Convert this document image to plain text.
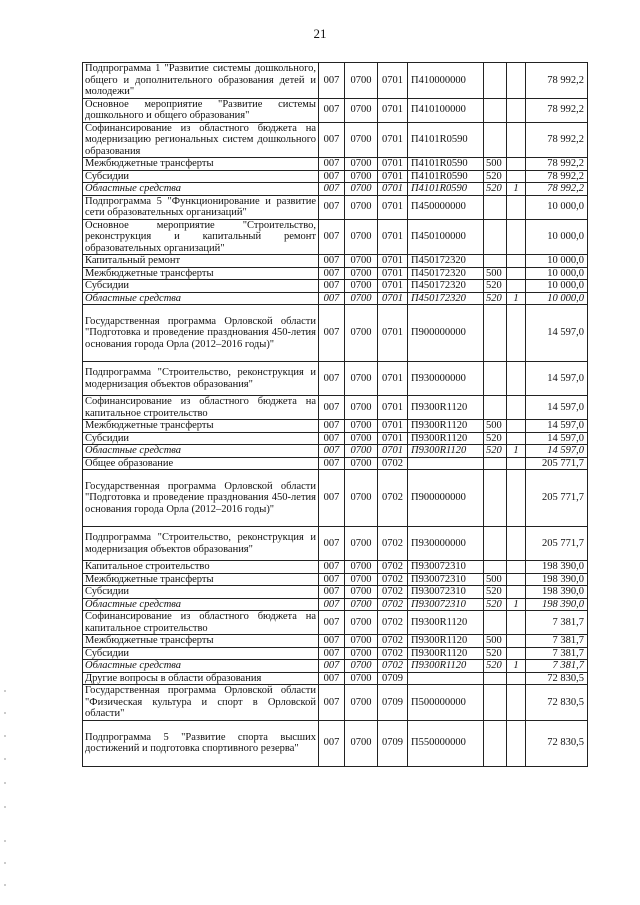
21
Подпрограмма 1 "Развитие системы дошкольного, общего и дополнительного образования детей и молодежи"	007	0700	0701	П410000000			78 992,2
Основное мероприятие "Развитие системы дошкольного и общего образования"	007	0700	0701	П410100000			78 992,2
Софинансирование из областного бюджета на модернизацию региональных систем дошкольного образования	007	0700	0701	П4101R0590			78 992,2
Межбюджетные трансферты	007	0700	0701	П4101R0590	500		78 992,2
Субсидии	007	0700	0701	П4101R0590	520		78 992,2
Областные средства	007	0700	0701	П4101R0590	520	1	78 992,2
Подпрограмма 5 "Функционирование и развитие сети образовательных организаций"	007	0700	0701	П450000000			10 000,0
Основное мероприятие "Строительство, реконструкция и капитальный ремонт образовательных организаций"	007	0700	0701	П450100000			10 000,0
Капитальный ремонт	007	0700	0701	П450172320			10 000,0
Межбюджетные трансферты	007	0700	0701	П450172320	500		10 000,0
Субсидии	007	0700	0701	П450172320	520		10 000,0
Областные средства	007	0700	0701	П450172320	520	1	10 000,0
Государственная программа Орловской области "Подготовка и проведение празднования 450-летия основания города Орла (2012–2016 годы)"	007	0700	0701	П900000000			14 597,0
Подпрограмма "Строительство, реконструкция и модернизация объектов образования"	007	0700	0701	П930000000			14 597,0
Софинансирование из областного бюджета на капитальное строительство	007	0700	0701	П9300R1120			14 597,0
Межбюджетные трансферты	007	0700	0701	П9300R1120	500		14 597,0
Субсидии	007	0700	0701	П9300R1120	520		14 597,0
Областные средства	007	0700	0701	П9300R1120	520	1	14 597,0
Общее образование	007	0700	0702				205 771,7
Государственная программа Орловской области "Подготовка и проведение празднования 450-летия основания города Орла (2012–2016 годы)"	007	0700	0702	П900000000			205 771,7
Подпрограмма "Строительство, реконструкция и модернизация объектов образования"	007	0700	0702	П930000000			205 771,7
Капитальное строительство	007	0700	0702	П930072310			198 390,0
Межбюджетные трансферты	007	0700	0702	П930072310	500		198 390,0
Субсидии	007	0700	0702	П930072310	520		198 390,0
Областные средства	007	0700	0702	П930072310	520	1	198 390,0
Софинансирование из областного бюджета на капитальное строительство	007	0700	0702	П9300R1120			7 381,7
Межбюджетные трансферты	007	0700	0702	П9300R1120	500		7 381,7
Субсидии	007	0700	0702	П9300R1120	520		7 381,7
Областные средства	007	0700	0702	П9300R1120	520	1	7 381,7
Другие вопросы в области образования	007	0700	0709				72 830,5
Государственная программа Орловской области "Физическая культура и спорт в Орловской области"	007	0700	0709	П500000000			72 830,5
Подпрограмма 5 "Развитие спорта высших достижений и подготовка спортивного резерва"	007	0700	0709	П550000000			72 830,5
